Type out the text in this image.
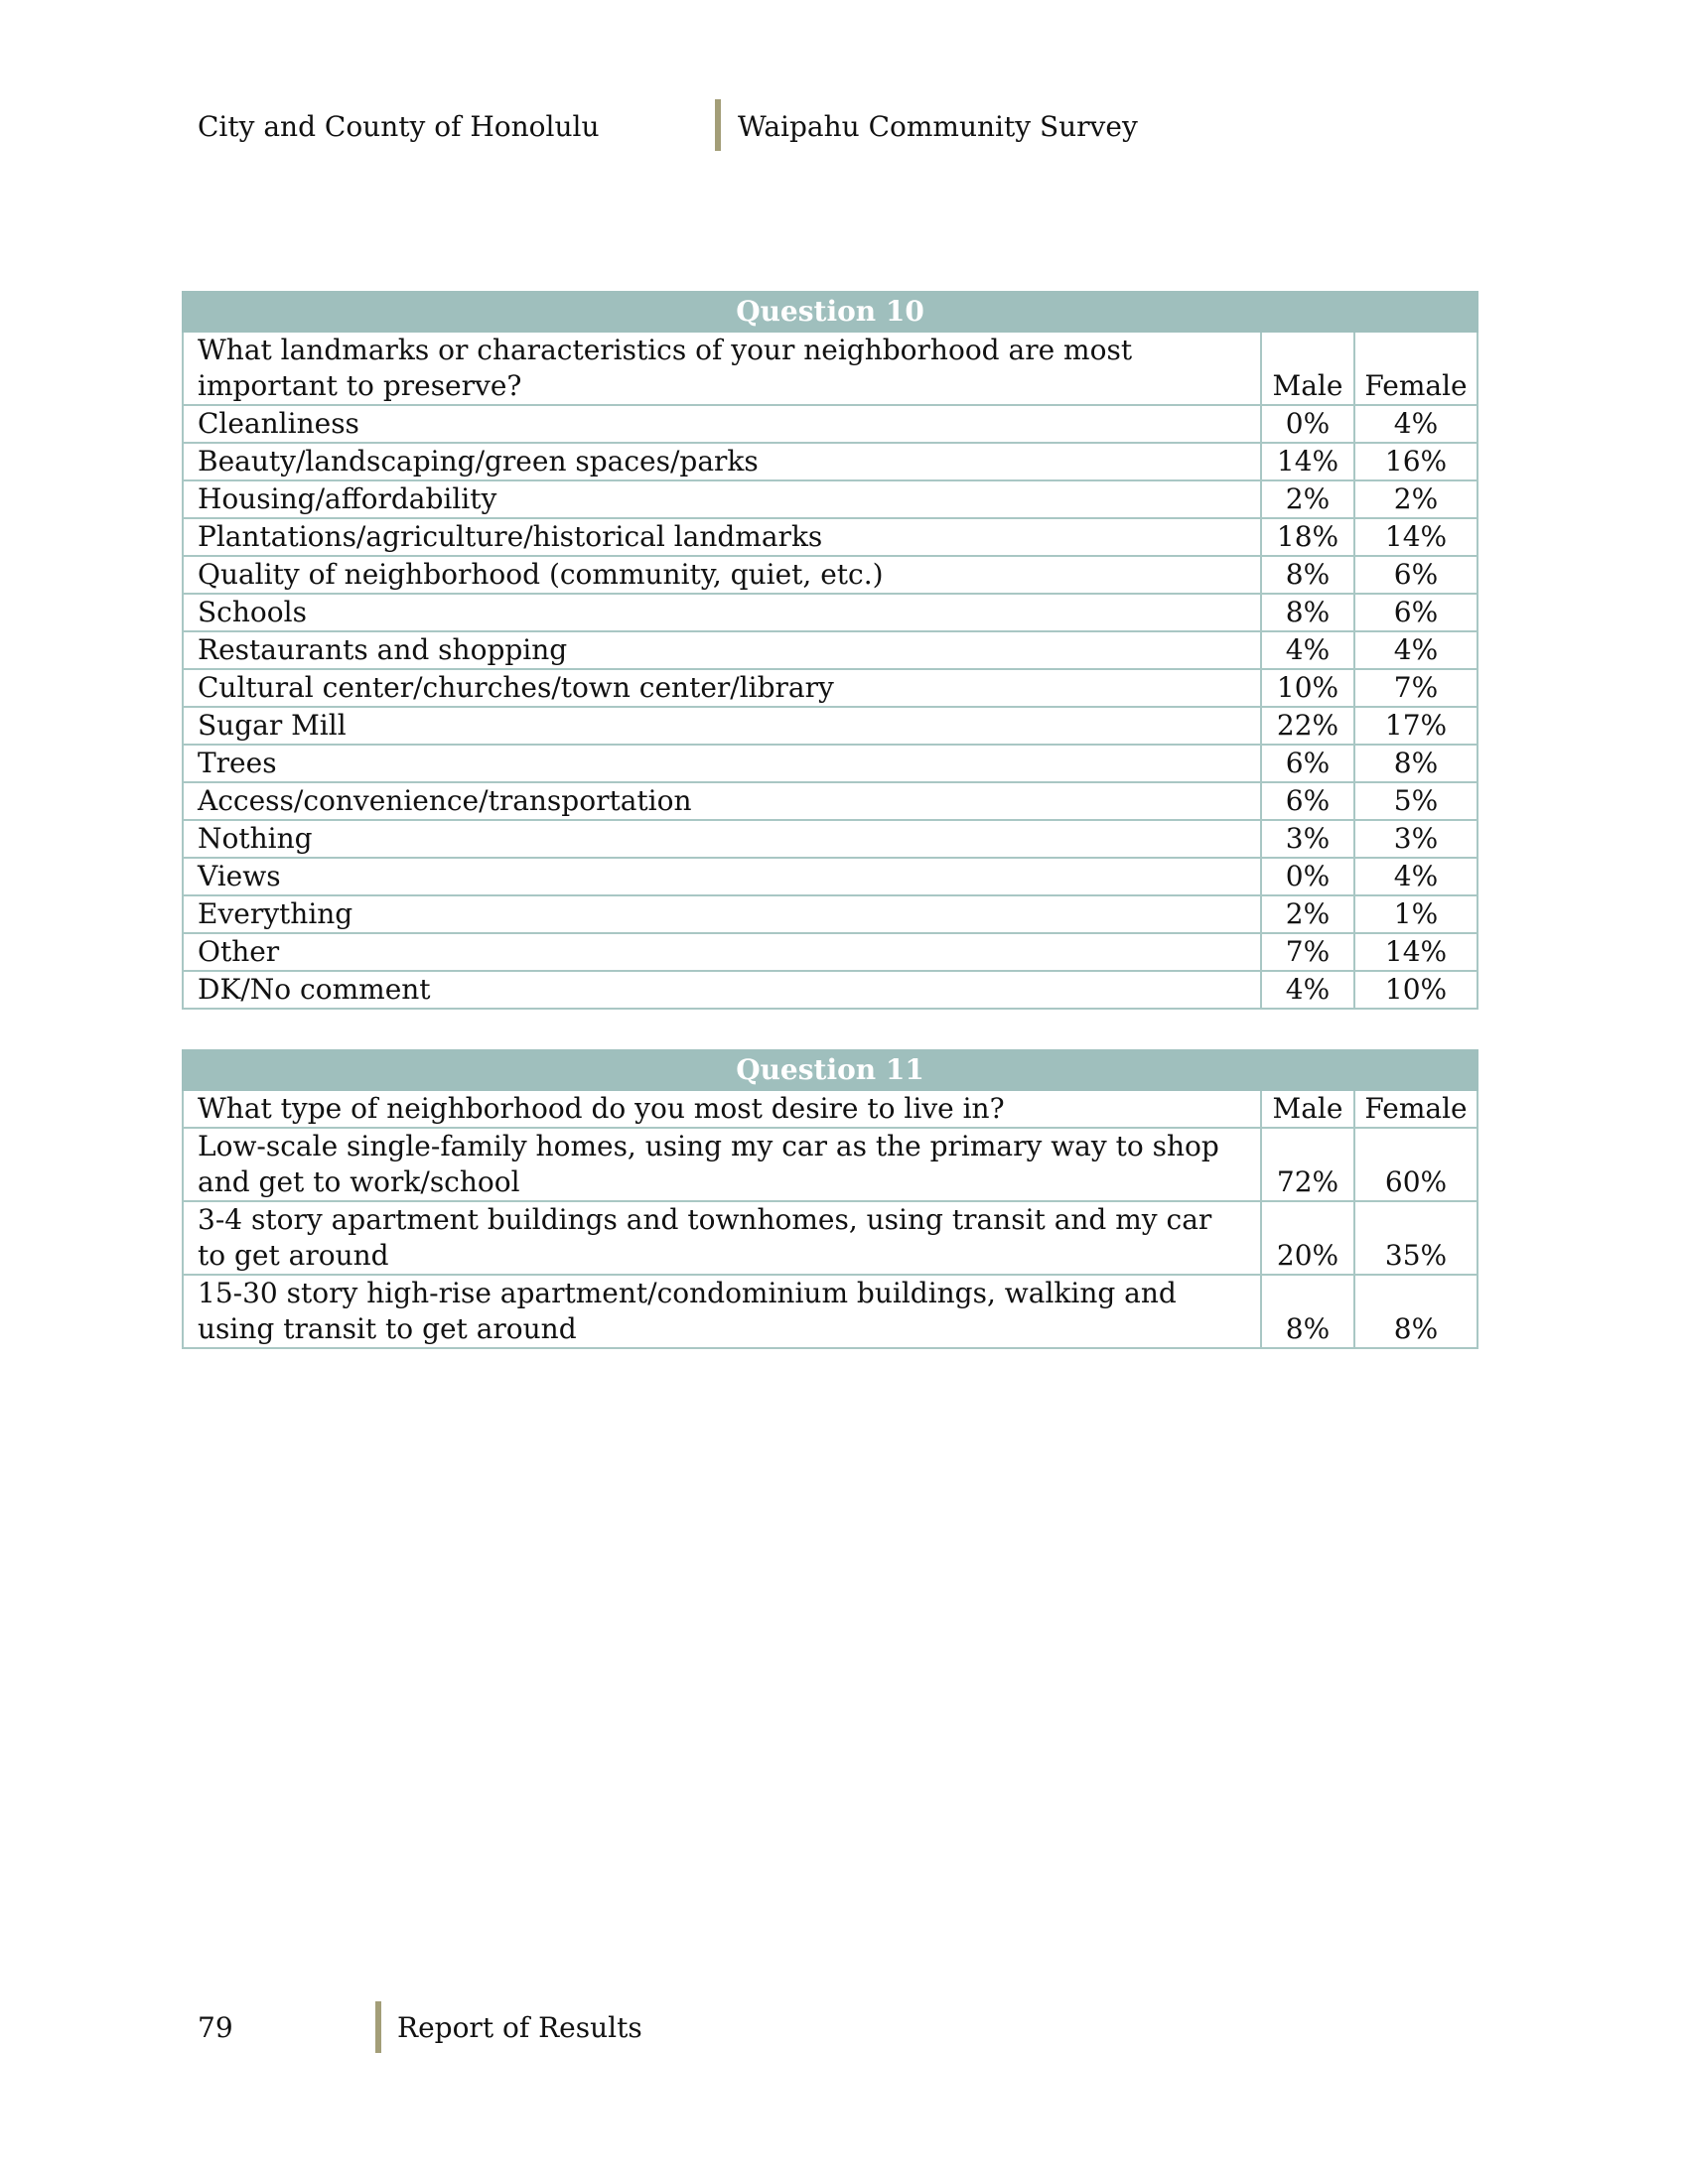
City and County of Honolulu	Waipahu Community Survey
Question 10		
What landmarks or characteristics of your neighborhood are most important to preserve?	Male	Female
Cleanliness	0%	4%
Beauty/landscaping/green spaces/parks	14%	16%
Housing/affordability	2%	2%
Plantations/agriculture/historical landmarks	18%	14%
Quality of neighborhood (community, quiet, etc.)	8%	6%
Schools	8%	6%
Restaurants and shopping	4%	4%
Cultural center/churches/town center/library	10%	7%
Sugar Mill	22%	17%
Trees	6%	8%
Access/convenience/transportation	6%	5%
Nothing	3%	3%
Views	0%	4%
Everything	2%	1%
Other	7%	14%
DK/No comment	4%	10%
Question 11		
What type of neighborhood do you most desire to live in?	Male	Female
Low-scale single-family homes, using my car as the primary way to shop and get to work/school	72%	60%
3-4 story apartment buildings and townhomes, using transit and my car to get around	20%	35%
15-30 story high-rise apartment/condominium buildings, walking and using transit to get around	8%	8%
79	Report of Results
